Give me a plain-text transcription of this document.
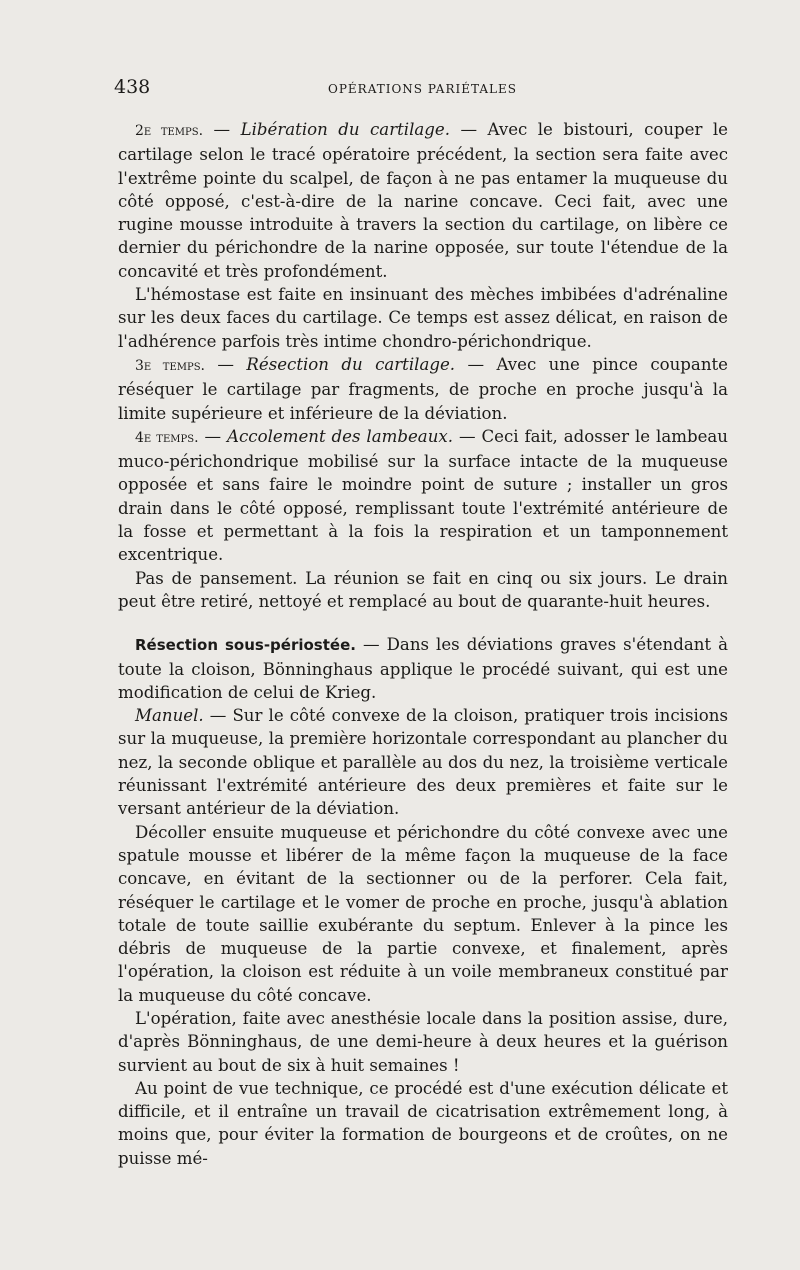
438	OPÉRATIONS PARIÉTALES

2e temps. — Libération du cartilage. — Avec le bistouri, couper le cartilage selon le tracé opératoire précédent, la section sera faite avec l'extrême pointe du scalpel, de façon à ne pas entamer la muqueuse du côté opposé, c'est-à-dire de la narine concave. Ceci fait, avec une rugine mousse introduite à travers la section du cartilage, on libère ce dernier du périchondre de la narine opposée, sur toute l'étendue de la concavité et très profondément.

L'hémostase est faite en insinuant des mèches imbibées d'adrénaline sur les deux faces du cartilage. Ce temps est assez délicat, en raison de l'adhérence parfois très intime chondro-périchondrique.

3e temps. — Résection du cartilage. — Avec une pince coupante réséquer le cartilage par fragments, de proche en proche jusqu'à la limite supérieure et inférieure de la déviation.

4e temps. — Accolement des lambeaux. — Ceci fait, adosser le lambeau muco-périchondrique mobilisé sur la surface intacte de la muqueuse opposée et sans faire le moindre point de suture ; installer un gros drain dans le côté opposé, remplissant toute l'extrémité antérieure de la fosse et permettant à la fois la respiration et un tamponnement excentrique.

Pas de pansement. La réunion se fait en cinq ou six jours. Le drain peut être retiré, nettoyé et remplacé au bout de quarante-huit heures.

Résection sous-périostée. — Dans les déviations graves s'étendant à toute la cloison, Bönninghaus applique le procédé suivant, qui est une modification de celui de Krieg.

Manuel. — Sur le côté convexe de la cloison, pratiquer trois incisions sur la muqueuse, la première horizontale correspondant au plancher du nez, la seconde oblique et parallèle au dos du nez, la troisième verticale réunissant l'extrémité antérieure des deux premières et faite sur le versant antérieur de la déviation.

Décoller ensuite muqueuse et périchondre du côté convexe avec une spatule mousse et libérer de la même façon la muqueuse de la face concave, en évitant de la sectionner ou de la perforer. Cela fait, réséquer le cartilage et le vomer de proche en proche, jusqu'à ablation totale de toute saillie exubérante du septum. Enlever à la pince les débris de muqueuse de la partie convexe, et finalement, après l'opération, la cloison est réduite à un voile membraneux constitué par la muqueuse du côté concave.

L'opération, faite avec anesthésie locale dans la position assise, dure, d'après Bönninghaus, de une demi-heure à deux heures et la guérison survient au bout de six à huit semaines !

Au point de vue technique, ce procédé est d'une exécution délicate et difficile, et il entraîne un travail de cicatrisation extrêmement long, à moins que, pour éviter la formation de bourgeons et de croûtes, on ne puisse mé-
